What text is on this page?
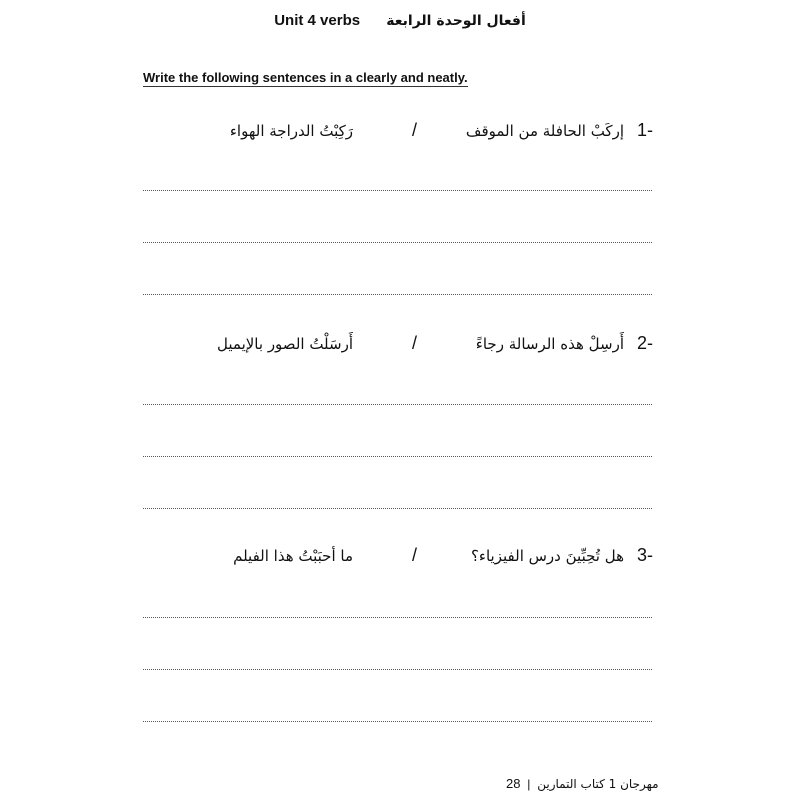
Unit 4 verbs أفعال الوحدة الرابعة
Write the following sentences in a clearly and neatly.
1-
إركَبْ الحافلة من الموقف
/
رَكِبْتُ الدراجة الهواء
2-
أَرسِلْ هذه الرسالة رجاءً
/
أَرسَلْتُ الصور بالإيميل
3-
هل تُحِبِّينَ درس الفيزياء؟
/
ما أحبَبْتُ هذا الفيلم
مهرجان 1 كتاب التمارين | 28
